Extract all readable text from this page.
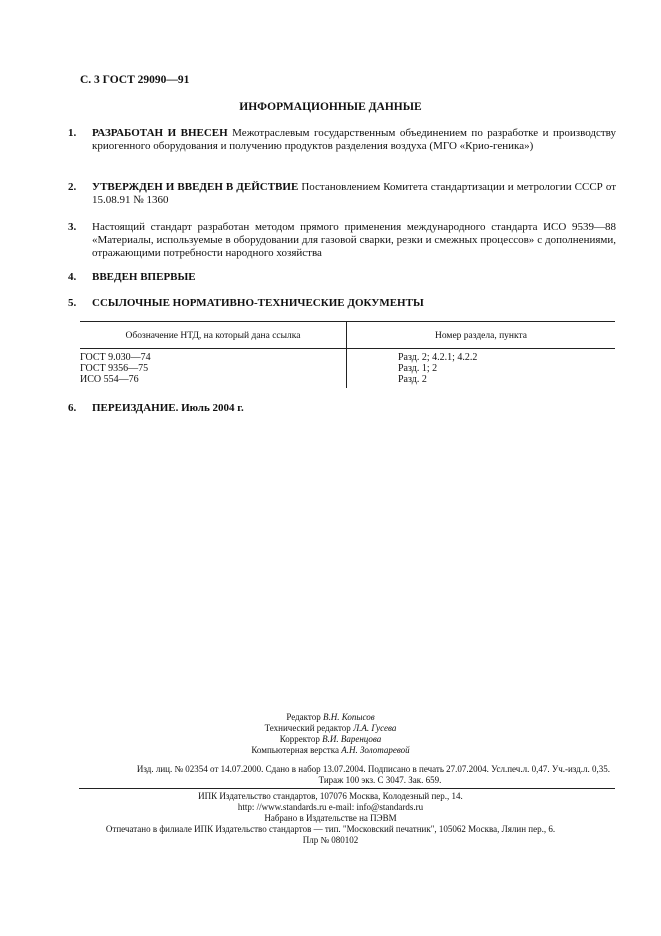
С. 3 ГОСТ 29090—91
ИНФОРМАЦИОННЫЕ ДАННЫЕ
1. РАЗРАБОТАН И ВНЕСЕН Межотраслевым государственным объединением по разработке и производству криогенного оборудования и получению продуктов разделения воздуха (МГО «Крио-геника»)
2. УТВЕРЖДЕН И ВВЕДЕН В ДЕЙСТВИЕ Постановлением Комитета стандартизации и метрологии СССР от 15.08.91 № 1360
3. Настоящий стандарт разработан методом прямого применения международного стандарта ИСО 9539—88 «Материалы, используемые в оборудовании для газовой сварки, резки и смежных процессов» с дополнениями, отражающими потребности народного хозяйства
4. ВВЕДЕН ВПЕРВЫЕ
5. ССЫЛОЧНЫЕ НОРМАТИВНО-ТЕХНИЧЕСКИЕ ДОКУМЕНТЫ
Обозначение НТД, на который дана ссылка	Номер раздела, пункта
ГОСТ 9.030—74
ГОСТ 9356—75
ИСО 554—76
Разд. 2; 4.2.1; 4.2.2
Разд. 1; 2
Разд. 2
6. ПЕРЕИЗДАНИЕ. Июль 2004 г.
Редактор В.Н. Копысов
Технический редактор Л.А. Гусева
Корректор В.И. Варенцова
Компьютерная верстка А.Н. Золотаревой
Изд. лиц. № 02354 от 14.07.2000. Сдано в набор 13.07.2004. Подписано в печать 27.07.2004. Усл.печ.л. 0,47. Уч.-изд.л. 0,35.
Тираж 100 экз. С 3047. Зак. 659.
ИПК Издательство стандартов, 107076 Москва, Колодезный пер., 14.
http: //www.standards.ru e-mail: info@standards.ru
Набрано в Издательстве на ПЭВМ
Отпечатано в филиале ИПК Издательство стандартов — тип. "Московский печатник", 105062 Москва, Лялин пер., 6.
Плр № 080102
